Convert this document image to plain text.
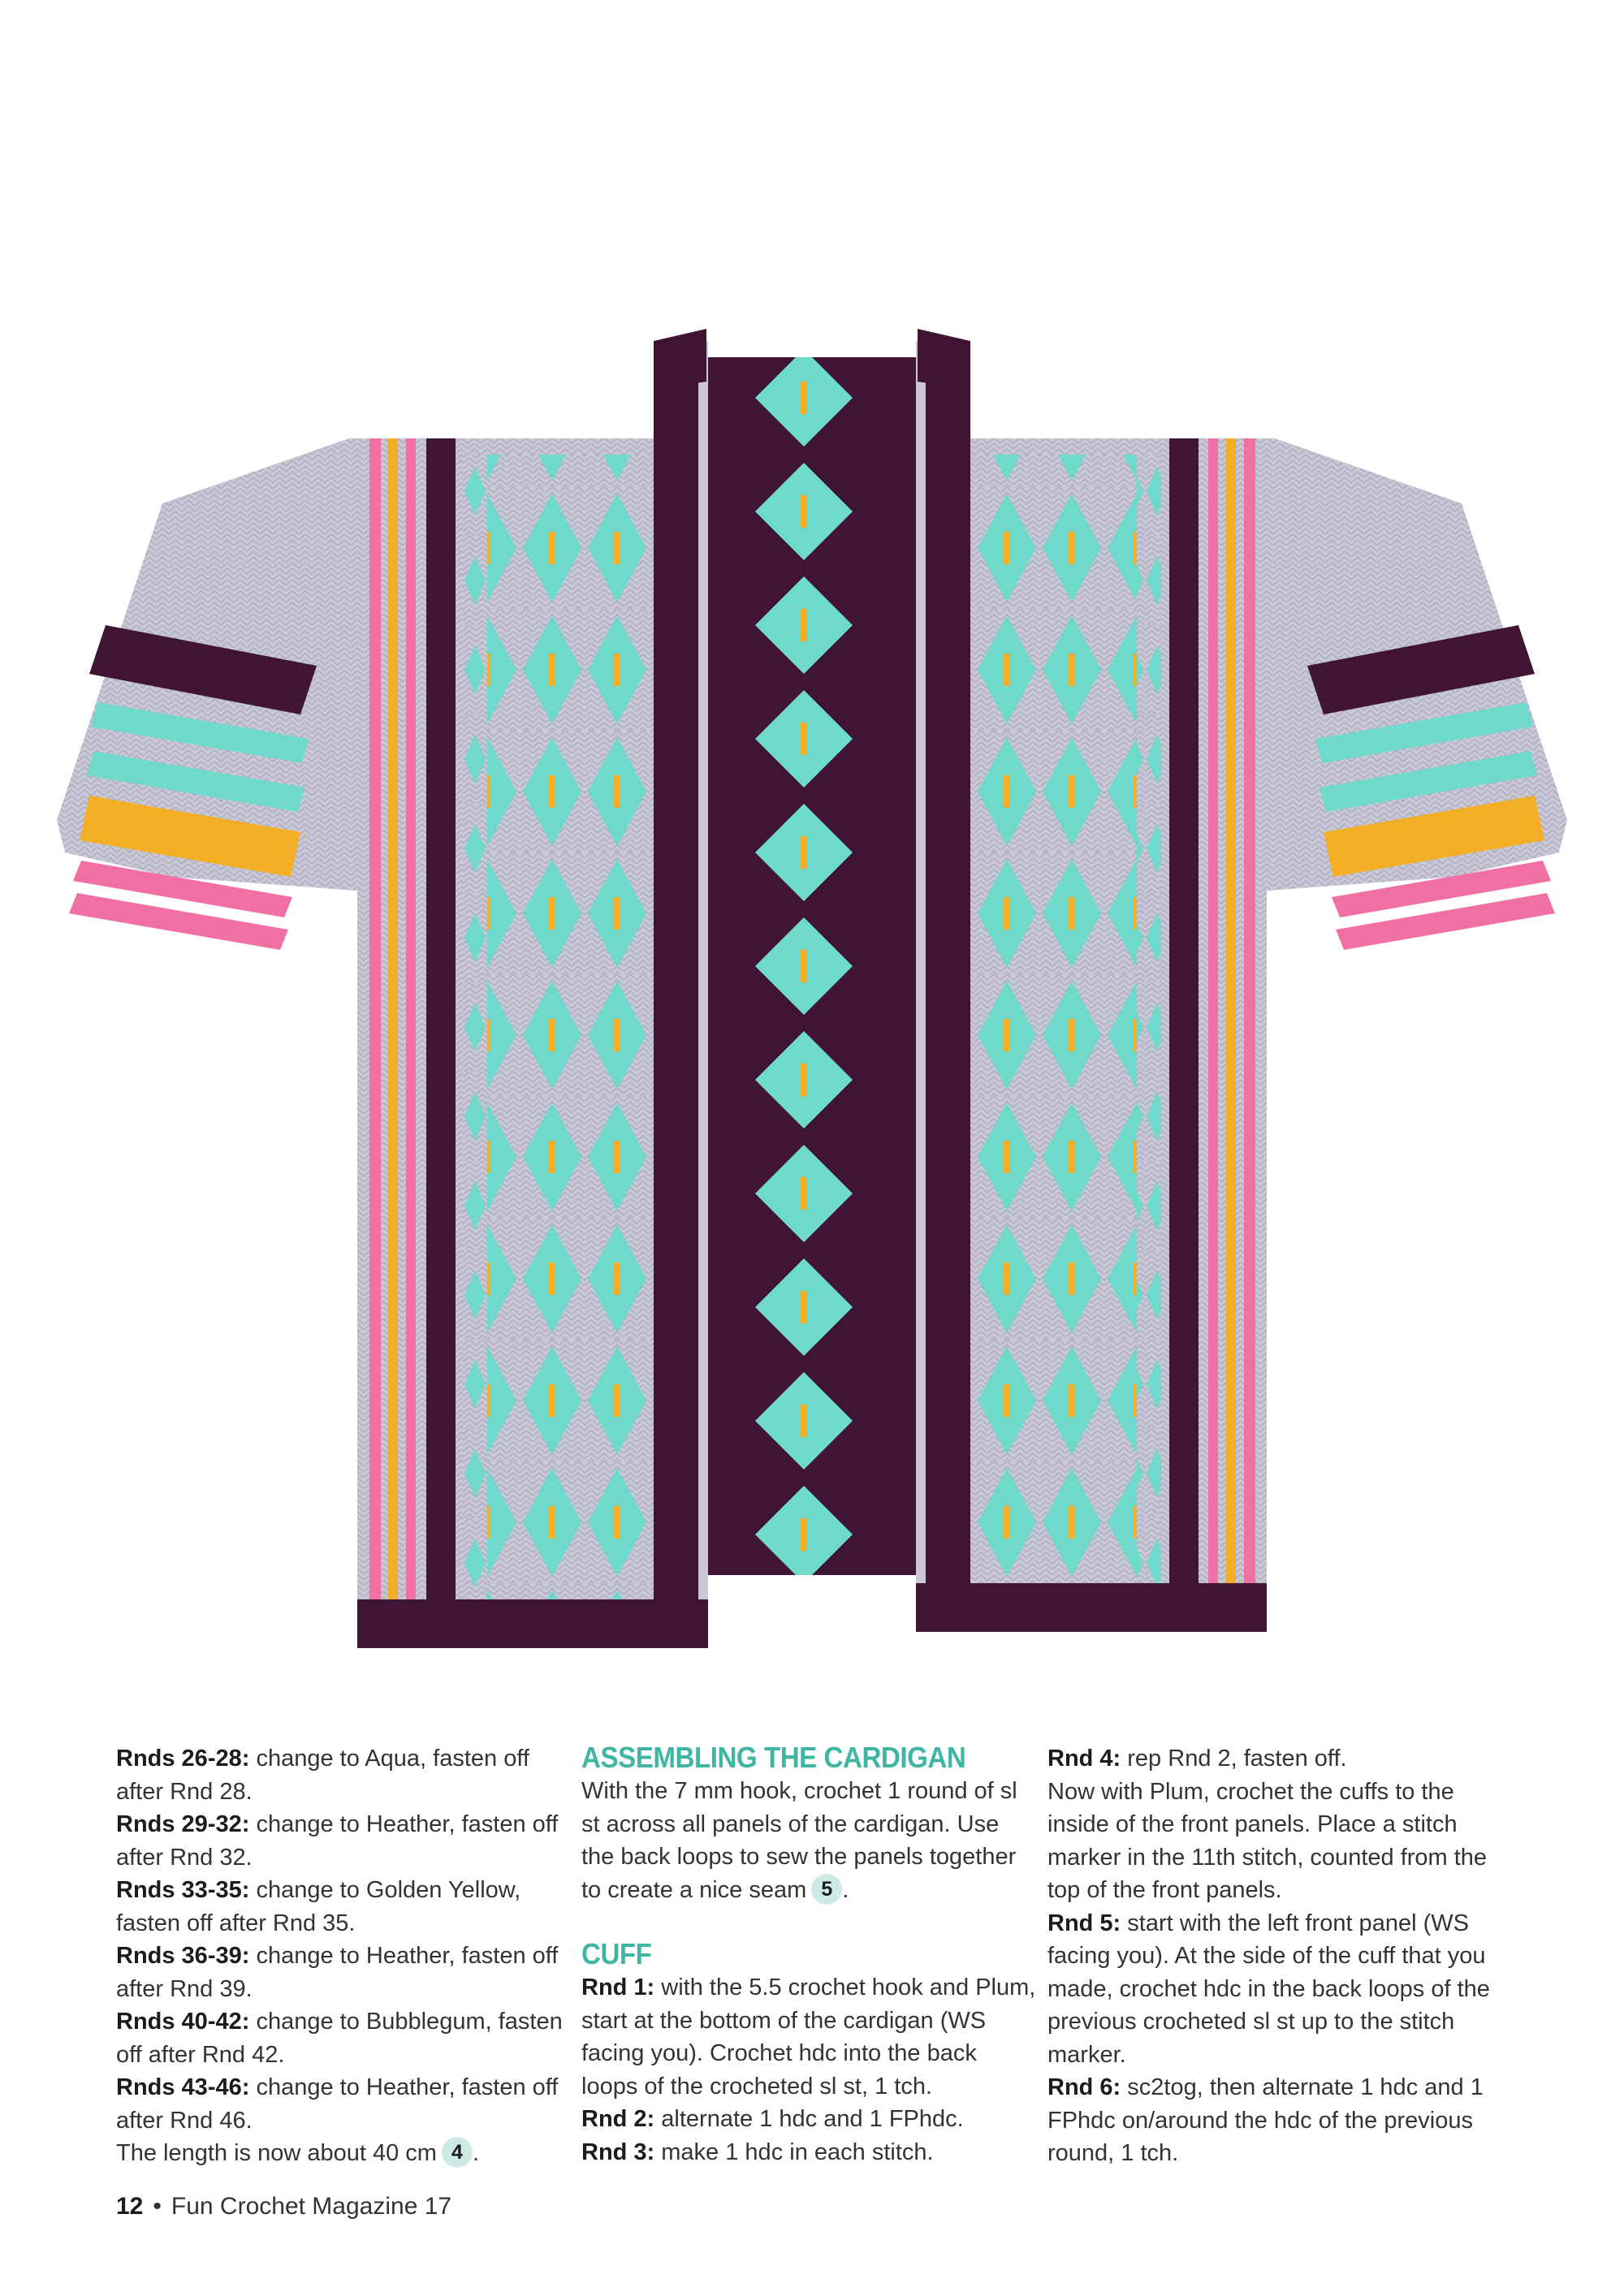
Rnds 26-28: change to Aqua, fasten off after Rnd 28.

Rnds 29-32: change to Heather, fasten off after Rnd 32.

Rnds 33-35: change to Golden Yellow, fasten off after Rnd 35.

Rnds 36-39: change to Heather, fasten off after Rnd 39.

Rnds 40-42: change to Bubblegum, fasten off after Rnd 42.

Rnds 43-46: change to Heather, fasten off after Rnd 46.

The length is now about 40 cm 4 .

ASSEMBLING THE CARDIGAN

With the 7 mm hook, crochet 1 round of sl st across all panels of the cardigan. Use the back loops to sew the panels together to create a nice seam 5 .

CUFF

Rnd 1: with the 5.5 crochet hook and Plum, start at the bottom of the cardigan (WS facing you). Crochet hdc into the back loops of the crocheted sl st, 1 tch.

Rnd 2: alternate 1 hdc and 1 FPhdc.

Rnd 3: make 1 hdc in each stitch.

Rnd 4: rep Rnd 2, fasten off.

Now with Plum, crochet the cuffs to the inside of the front panels. Place a stitch marker in the 11th stitch, counted from the top of the front panels.

Rnd 5: start with the left front panel (WS facing you). At the side of the cuff that you made, crochet hdc in the back loops of the previous crocheted sl st up to the stitch marker.

Rnd 6: sc2tog, then alternate 1 hdc and 1 FPhdc on/around the hdc of the previous round, 1 tch.

12 • Fun Crochet Magazine 17
